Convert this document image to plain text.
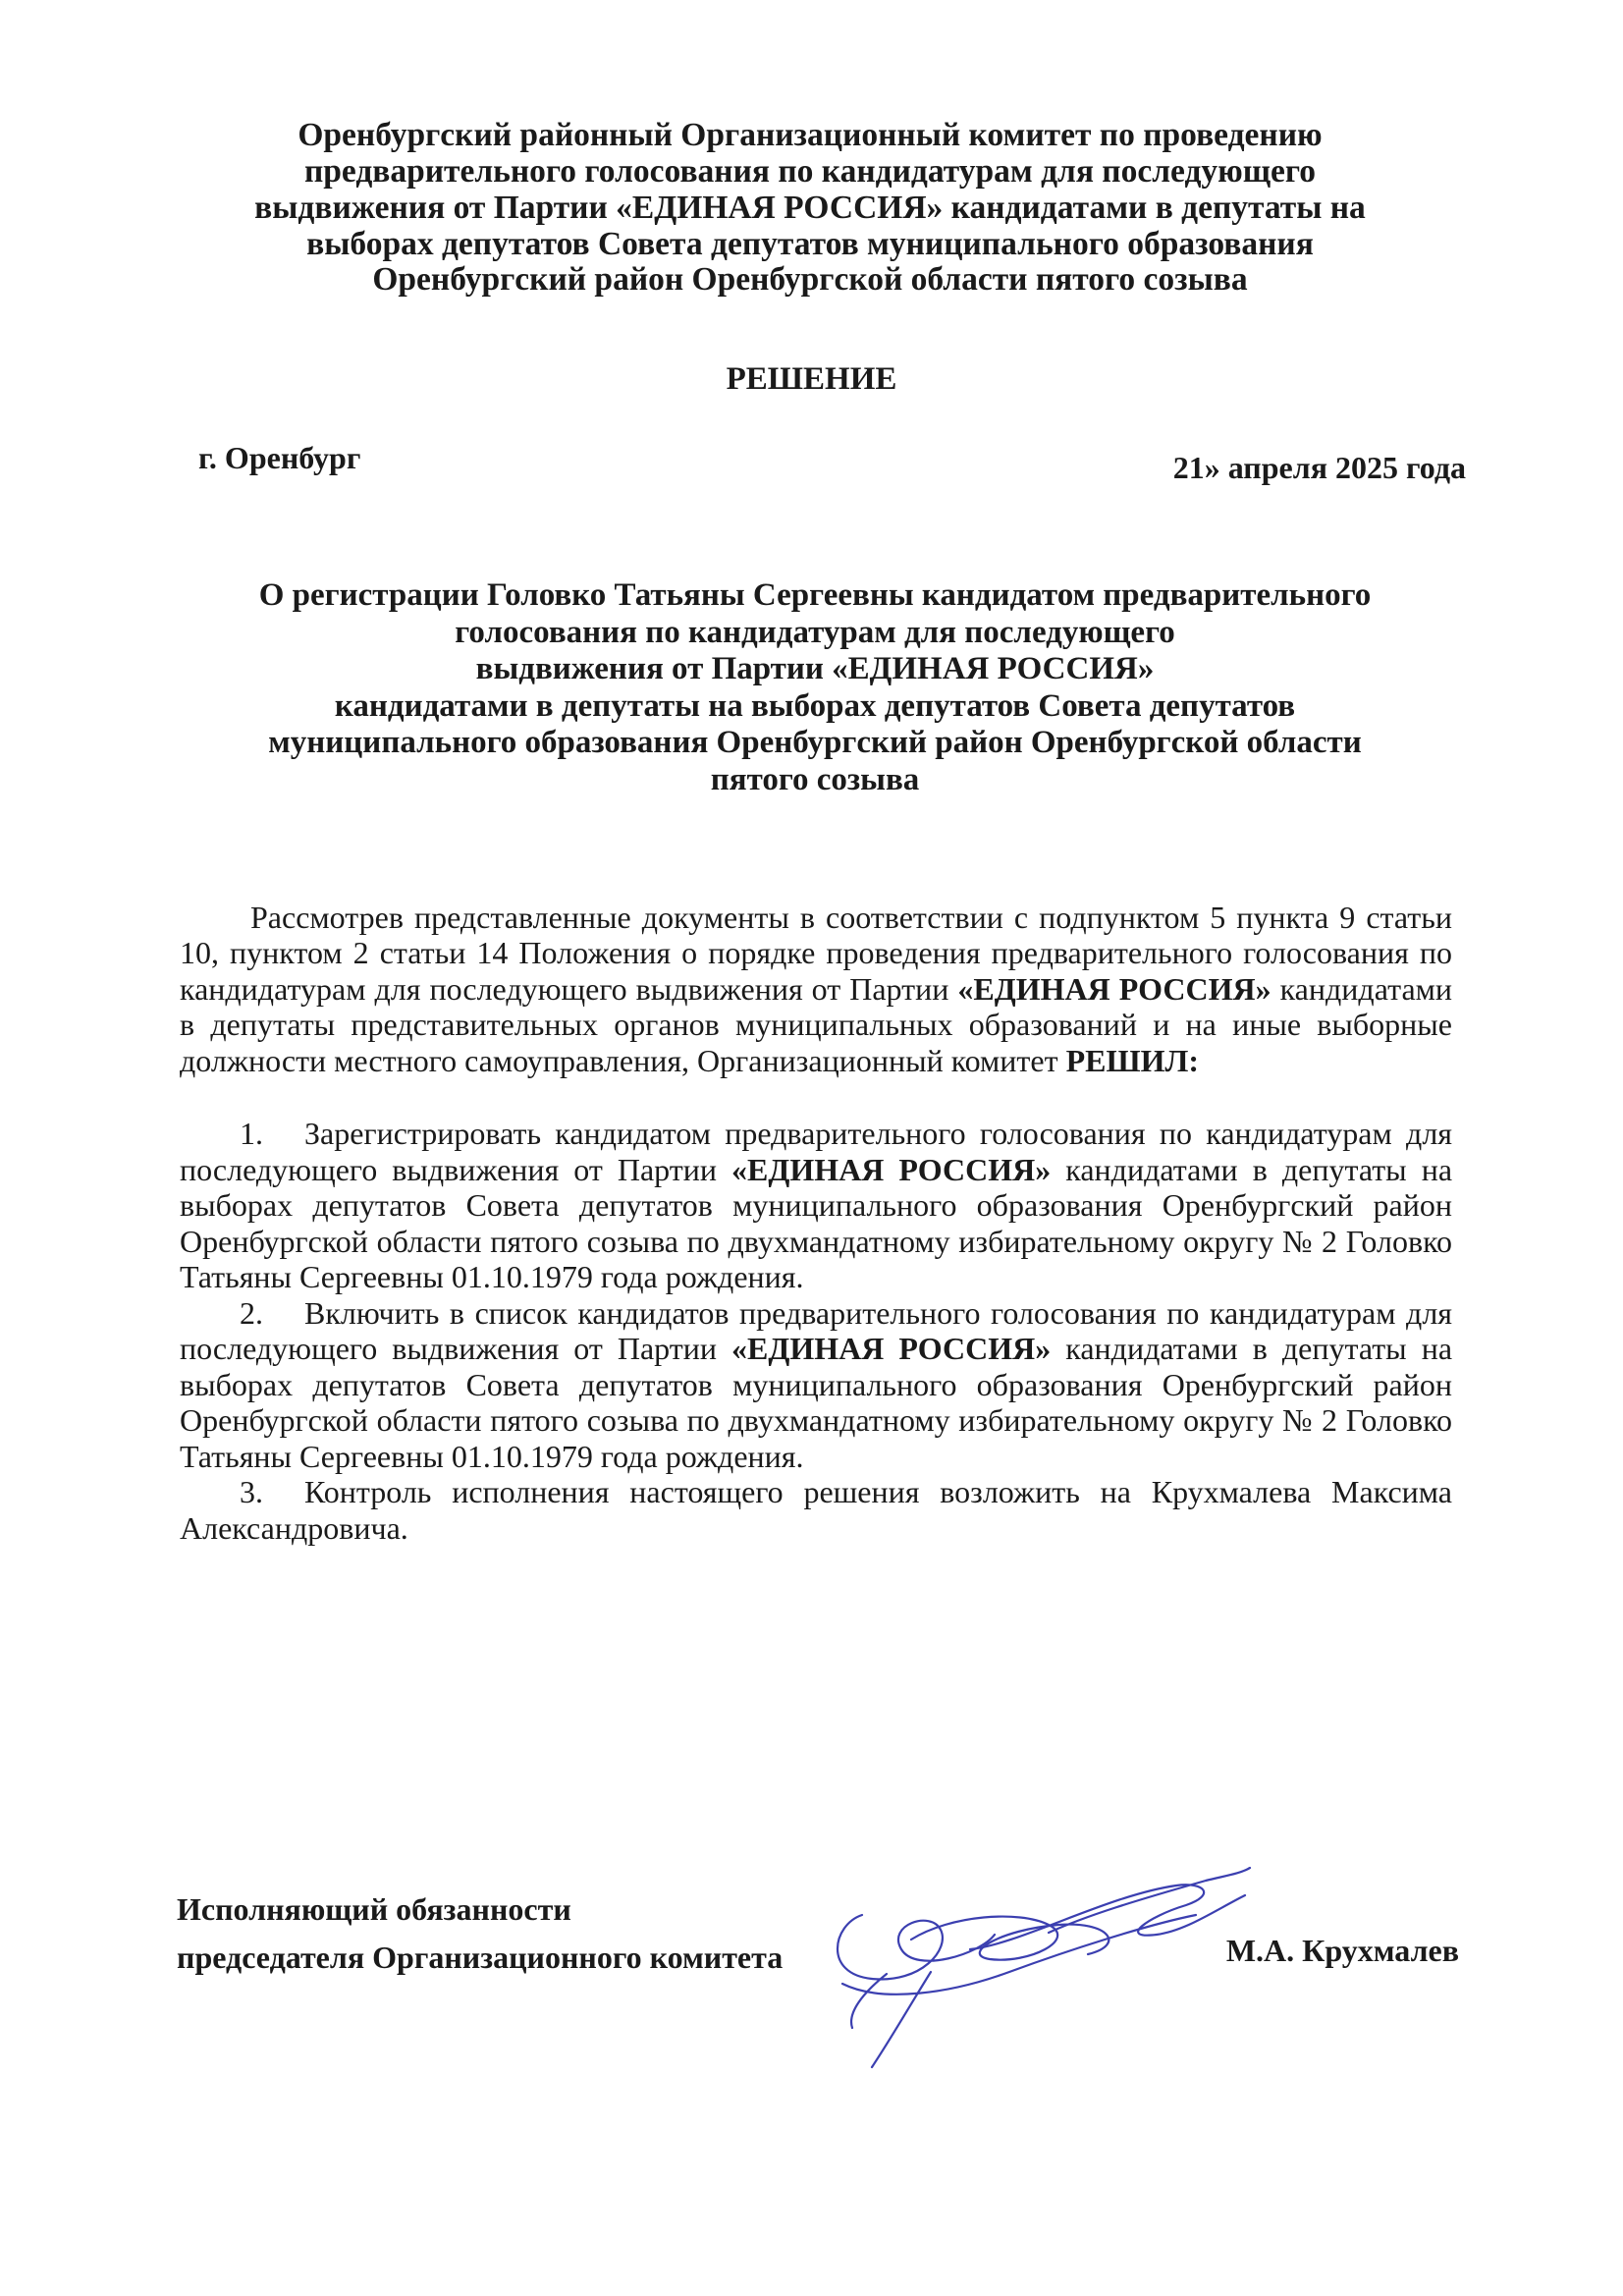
Оренбургский районный Организационный комитет по проведению
предварительного голосования по кандидатурам для последующего
выдвижения от Партии «ЕДИНАЯ РОССИЯ» кандидатами в депутаты на
выборах депутатов Совета депутатов муниципального образования
Оренбургский район Оренбургской области пятого созыва
РЕШЕНИЕ
г. Оренбург	21» апреля 2025 года
О регистрации Головко Татьяны Сергеевны кандидатом предварительного
голосования по кандидатурам для последующего
выдвижения от Партии «ЕДИНАЯ РОССИЯ»
кандидатами в депутаты на выборах депутатов Совета депутатов
муниципального образования Оренбургский район Оренбургской области
пятого созыва

Рассмотрев представленные документы в соответствии с подпунктом 5 пункта 9 статьи 10, пунктом 2 статьи 14 Положения о порядке проведения предварительного голосования по кандидатурам для последующего выдвижения от Партии «ЕДИНАЯ РОССИЯ» кандидатами в депутаты представительных органов муниципальных образований и на иные выборные должности местного самоуправления, Организационный комитет РЕШИЛ:

1. Зарегистрировать кандидатом предварительного голосования по кандидатурам для последующего выдвижения от Партии «ЕДИНАЯ РОССИЯ» кандидатами в депутаты на выборах депутатов Совета депутатов муниципального образования Оренбургский район Оренбургской области пятого созыва по двухмандатному избирательному округу № 2 Головко Татьяны Сергеевны 01.10.1979 года рождения.

2. Включить в список кандидатов предварительного голосования по кандидатурам для последующего выдвижения от Партии «ЕДИНАЯ РОССИЯ» кандидатами в депутаты на выборах депутатов Совета депутатов муниципального образования Оренбургский район Оренбургской области пятого созыва по двухмандатному избирательному округу № 2 Головко Татьяны Сергеевны 01.10.1979 года рождения.

3. Контроль исполнения настоящего решения возложить на Крухмалева Максима Александровича.

Исполняющий обязанности
председателя Организационного комитета	М.А. Крухмалев
